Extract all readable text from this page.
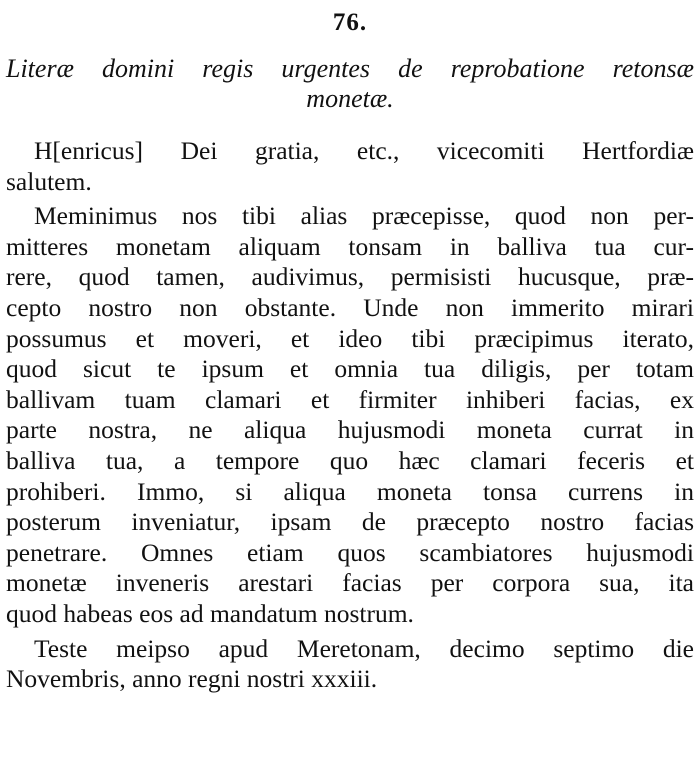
76.
Literæ domini regis urgentes de reprobatione retonsæ
monetæ.
H[enricus] Dei gratia, etc., vicecomiti Hertfordiæ
salutem.
Meminimus nos tibi alias præcepisse, quod non per-
mitteres monetam aliquam tonsam in balliva tua cur-
rere, quod tamen, audivimus, permisisti hucusque, præ-
cepto nostro non obstante. Unde non immerito mirari
possumus et moveri, et ideo tibi præcipimus iterato,
quod sicut te ipsum et omnia tua diligis, per totam
ballivam tuam clamari et firmiter inhiberi facias, ex
parte nostra, ne aliqua hujusmodi moneta currat in
balliva tua, a tempore quo hæc clamari feceris et
prohiberi. Immo, si aliqua moneta tonsa currens in
posterum inveniatur, ipsam de præcepto nostro facias
penetrare. Omnes etiam quos scambiatores hujusmodi
monetæ inveneris arestari facias per corpora sua, ita
quod habeas eos ad mandatum nostrum.
Teste meipso apud Meretonam, decimo septimo die
Novembris, anno regni nostri xxxiii.
